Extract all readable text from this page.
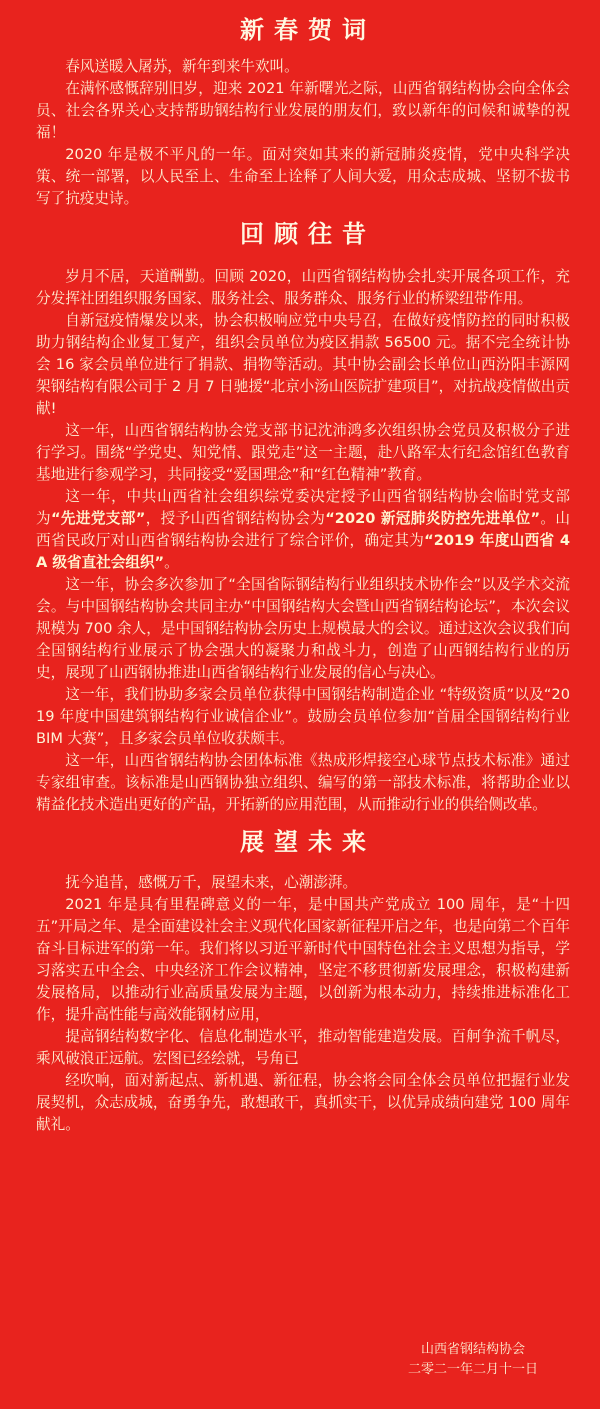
新春贺词

春风送暖入屠苏，新年到来牛欢叫。

在满怀感慨辞别旧岁，迎来 2021 年新曙光之际，山西省钢结构协会向全体会员、社会各界关心支持帮助钢结构行业发展的朋友们，致以新年的问候和诚挚的祝福！

2020 年是极不平凡的一年。面对突如其来的新冠肺炎疫情，党中央科学决策、统一部署，以人民至上、生命至上诠释了人间大爱，用众志成城、坚韧不拔书写了抗疫史诗。

回顾往昔

岁月不居，天道酬勤。回顾 2020，山西省钢结构协会扎实开展各项工作，充分发挥社团组织服务国家、服务社会、服务群众、服务行业的桥梁纽带作用。

自新冠疫情爆发以来，协会积极响应党中央号召，在做好疫情防控的同时积极助力钢结构企业复工复产，组织会员单位为疫区捐款 56500 元。据不完全统计协会 16 家会员单位进行了捐款、捐物等活动。其中协会副会长单位山西汾阳丰源网架钢结构有限公司于 2 月 7 日驰援“北京小汤山医院扩建项目”，对抗战疫情做出贡献!

这一年，山西省钢结构协会党支部书记沈沛鸿多次组织协会党员及积极分子进行学习。围绕“学党史、知党情、跟党走”这一主题，赴八路军太行纪念馆红色教育基地进行参观学习，共同接受“爱国理念”和“红色精神”教育。

这一年，中共山西省社会组织综党委决定授予山西省钢结构协会临时党支部为“先进党支部”，授予山西省钢结构协会为“2020 新冠肺炎防控先进单位”。山西省民政厅对山西省钢结构协会进行了综合评价，确定其为“2019 年度山西省 4A 级省直社会组织”。

这一年，协会多次参加了“全国省际钢结构行业组织技术协作会”以及学术交流会。与中国钢结构协会共同主办“中国钢结构大会暨山西省钢结构论坛”，本次会议规模为 700 余人，是中国钢结构协会历史上规模最大的会议。通过这次会议我们向全国钢结构行业展示了协会强大的凝聚力和战斗力，创造了山西钢结构行业的历史，展现了山西钢协推进山西省钢结构行业发展的信心与决心。

这一年，我们协助多家会员单位获得中国钢结构制造企业 “特级资质”以及“2019 年度中国建筑钢结构行业诚信企业”。鼓励会员单位参加“首届全国钢结构行业 BIM 大赛”，且多家会员单位收获颇丰。

这一年，山西省钢结构协会团体标准《热成形焊接空心球节点技术标准》通过专家组审查。该标准是山西钢协独立组织、编写的第一部技术标准，将帮助企业以精益化技术造出更好的产品，开拓新的应用范围，从而推动行业的供给侧改革。

展望未来

抚今追昔，感慨万千，展望未来，心潮澎湃。

2021 年是具有里程碑意义的一年，是中国共产党成立 100 周年，是“十四五”开局之年、是全面建设社会主义现代化国家新征程开启之年，也是向第二个百年奋斗目标进军的第一年。我们将以习近平新时代中国特色社会主义思想为指导，学习落实五中全会、中央经济工作会议精神，坚定不移贯彻新发展理念，积极构建新发展格局，以推动行业高质量发展为主题，以创新为根本动力，持续推进标准化工作，提升高性能与高效能钢材应用，

提高钢结构数字化、信息化制造水平，推动智能建造发展。百舸争流千帆尽，乘风破浪正远航。宏图已经绘就，号角已

经吹响，面对新起点、新机遇、新征程，协会将会同全体会员单位把握行业发展契机，众志成城，奋勇争先，敢想敢干，真抓实干，以优异成绩向建党 100 周年献礼。

山西省钢结构协会
二零二一年二月十一日
